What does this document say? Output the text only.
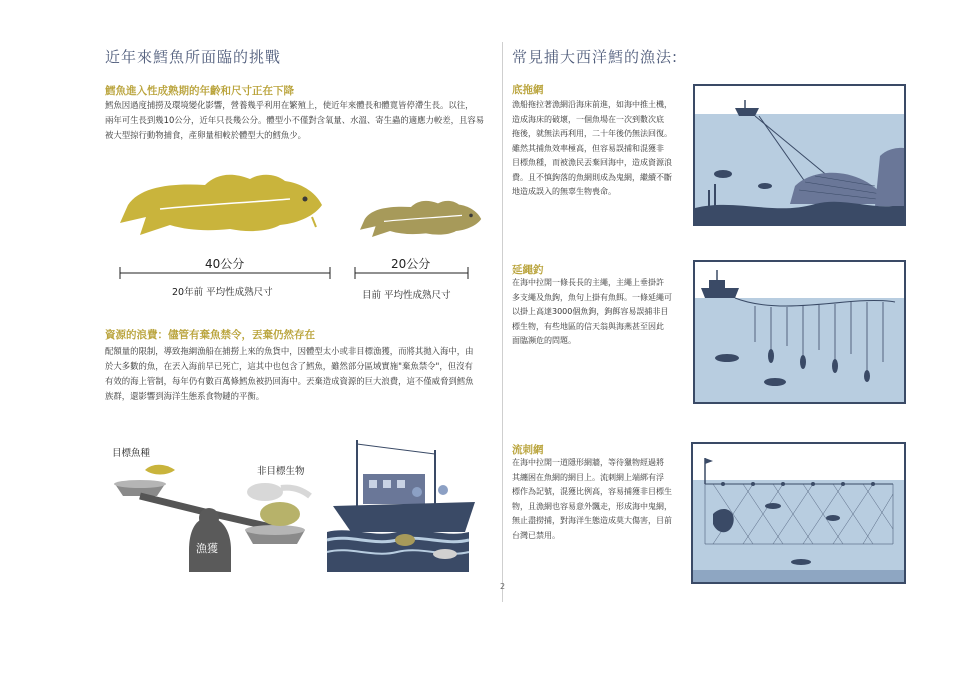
近年來鱈魚所面臨的挑戰
鱈魚進入性成熟期的年齡和尺寸正在下降
鱈魚因過度捕撈及環境變化影響，營養幾乎利用在繁殖上，使近年來體長和體寬皆停滯生長。以往，
兩年可生長到幾10公分，近年只長幾公分。體型小不僅對含氧量、水溫、寄生蟲的適應力較差，且容易
被大型掠行動物捕食，產卵量相較於體型大的鱈魚少。
40公分	20公分
20年前 平均性成熟尺寸	目前 平均性成熟尺寸
資源的浪費：儘管有棄魚禁令，丟棄仍然存在
配額量的限制，導致拖網漁船在捕撈上來的魚貨中，因體型太小或非目標漁獲，而將其拋入海中，由
於大多數的魚，在丟入海前早已死亡，這其中也包含了鱈魚，雖然部分區域實施"棄魚禁令"，但沒有
有效的海上管制，每年仍有數百萬條鱈魚被扔回海中。丟棄造成資源的巨大浪費，這不僅威脅到鱈魚
族群，還影響到海洋生態系食物鏈的平衡。
目標魚種
非目標生物
漁獲
常見捕大西洋鱈的漁法:
底拖網
漁船拖拉著漁網沿海床前進，如海中推土機，
造成海床的破壞，一個魚場在一次到數次底
拖後，就無法再利用，二十年後仍無法回復。
雖然其捕魚效率極高，但容易誤捕和混獲非
目標魚種，而被漁民丟棄回海中，造成資源浪
費。且不慎鉤落的魚網則成為鬼網，繼續不斷
地造成誤入的無辜生物喪命。
延繩釣
在海中拉開一條長長的主繩，主繩上垂掛許
多支繩及魚鉤，魚句上掛有魚餌。一條延繩可
以掛上高達3000個魚鉤，鉤餌容易誤捕非目
標生物，有些地區的信天翁與海燕甚至因此
面臨瀕危的問題。
流刺網
在海中拉開一道隱形網牆，等待獵物經過將
其纏困在魚網的網目上。流刺網上端綁有浮
標作為記號，混獲比例高，容易捕獲非目標生
物，且漁網也容易意外飄走，形成海中鬼網，
無止盡撈捕，對海洋生態造成莫大傷害，目前
台灣已禁用。
2
